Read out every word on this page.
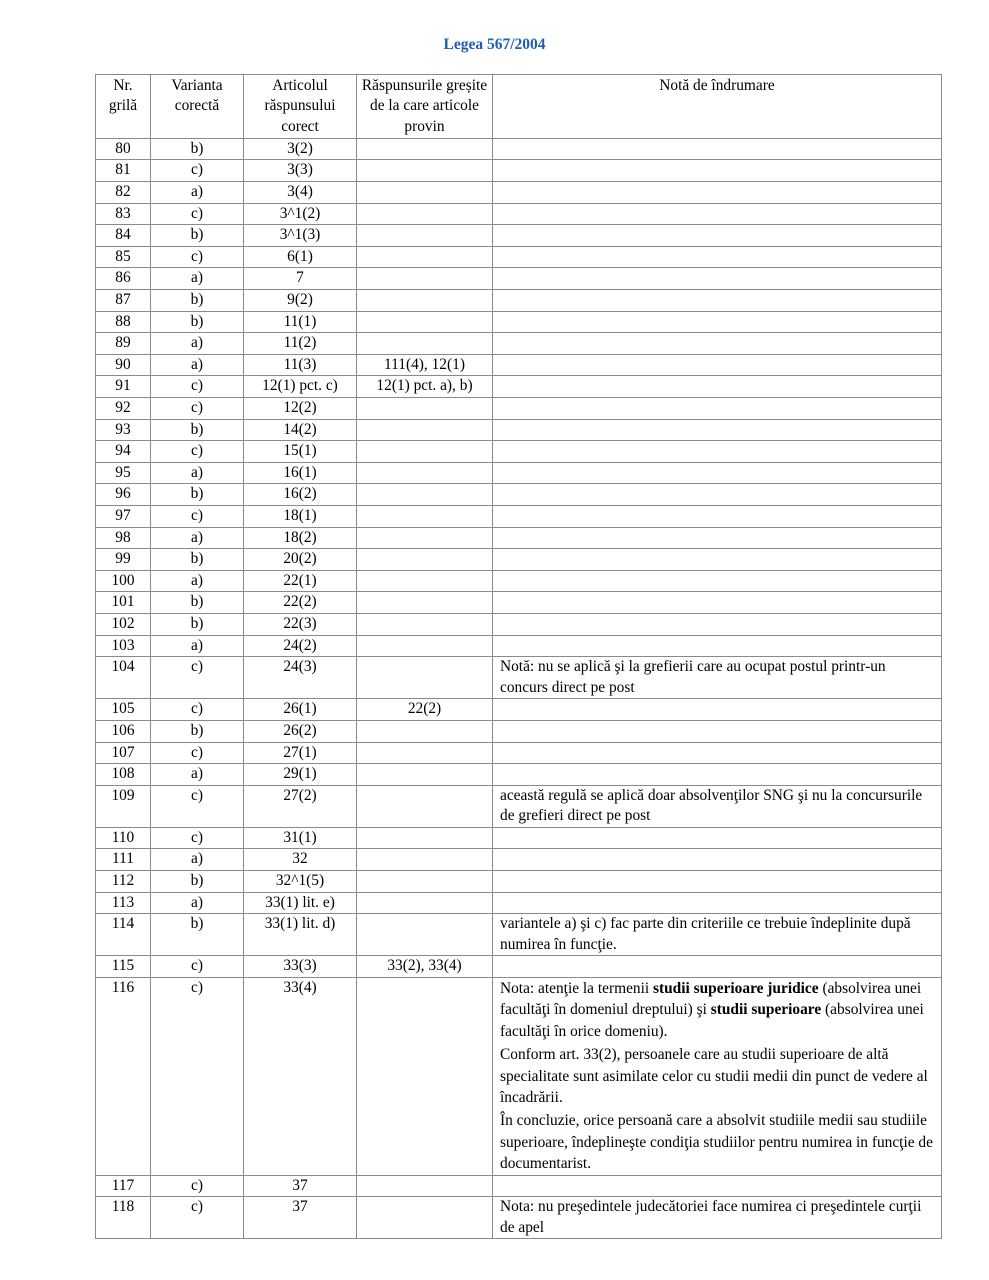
Legea 567/2004
Nr. grilă	Varianta corectă	Articolul răspunsului corect	Răspunsurile greșite de la care articole provin	Notă de îndrumare
80	b)	3(2)		
81	c)	3(3)		
82	a)	3(4)		
83	c)	3^1(2)		
84	b)	3^1(3)		
85	c)	6(1)		
86	a)	7		
87	b)	9(2)		
88	b)	11(1)		
89	a)	11(2)		
90	a)	11(3)	111(4), 12(1)	
91	c)	12(1) pct. c)	12(1) pct. a), b)	
92	c)	12(2)		
93	b)	14(2)		
94	c)	15(1)		
95	a)	16(1)		
96	b)	16(2)		
97	c)	18(1)		
98	a)	18(2)		
99	b)	20(2)		
100	a)	22(1)		
101	b)	22(2)		
102	b)	22(3)		
103	a)	24(2)		
104	c)	24(3)		Notă: nu se aplică şi la grefierii care au ocupat postul printr-un concurs direct pe post
105	c)	26(1)	22(2)	
106	b)	26(2)		
107	c)	27(1)		
108	a)	29(1)		
109	c)	27(2)		această regulă se aplică doar absolvenţilor SNG şi nu la concursurile de grefieri direct pe post
110	c)	31(1)		
111	a)	32		
112	b)	32^1(5)		
113	a)	33(1) lit. e)		
114	b)	33(1) lit. d)		variantele a) şi c) fac parte din criteriile ce trebuie îndeplinite după numirea în funcţie.
115	c)	33(3)	33(2), 33(4)	
116	c)	33(4)		Nota: atenţie la termenii studii superioare juridice (absolvirea unei facultăţi în domeniul dreptului) şi studii superioare (absolvirea unei facultăţi în orice domeniu).
Conform art. 33(2), persoanele care au studii superioare de altă specialitate sunt asimilate celor cu studii medii din punct de vedere al încadrării.
În concluzie, orice persoană care a absolvit studiile medii sau studiile superioare, îndeplineşte condiţia studiilor pentru numirea in funcţie de documentarist.

117	c)	37		
118	c)	37		Nota: nu preşedintele judecătoriei face numirea ci preşedintele curţii de apel
